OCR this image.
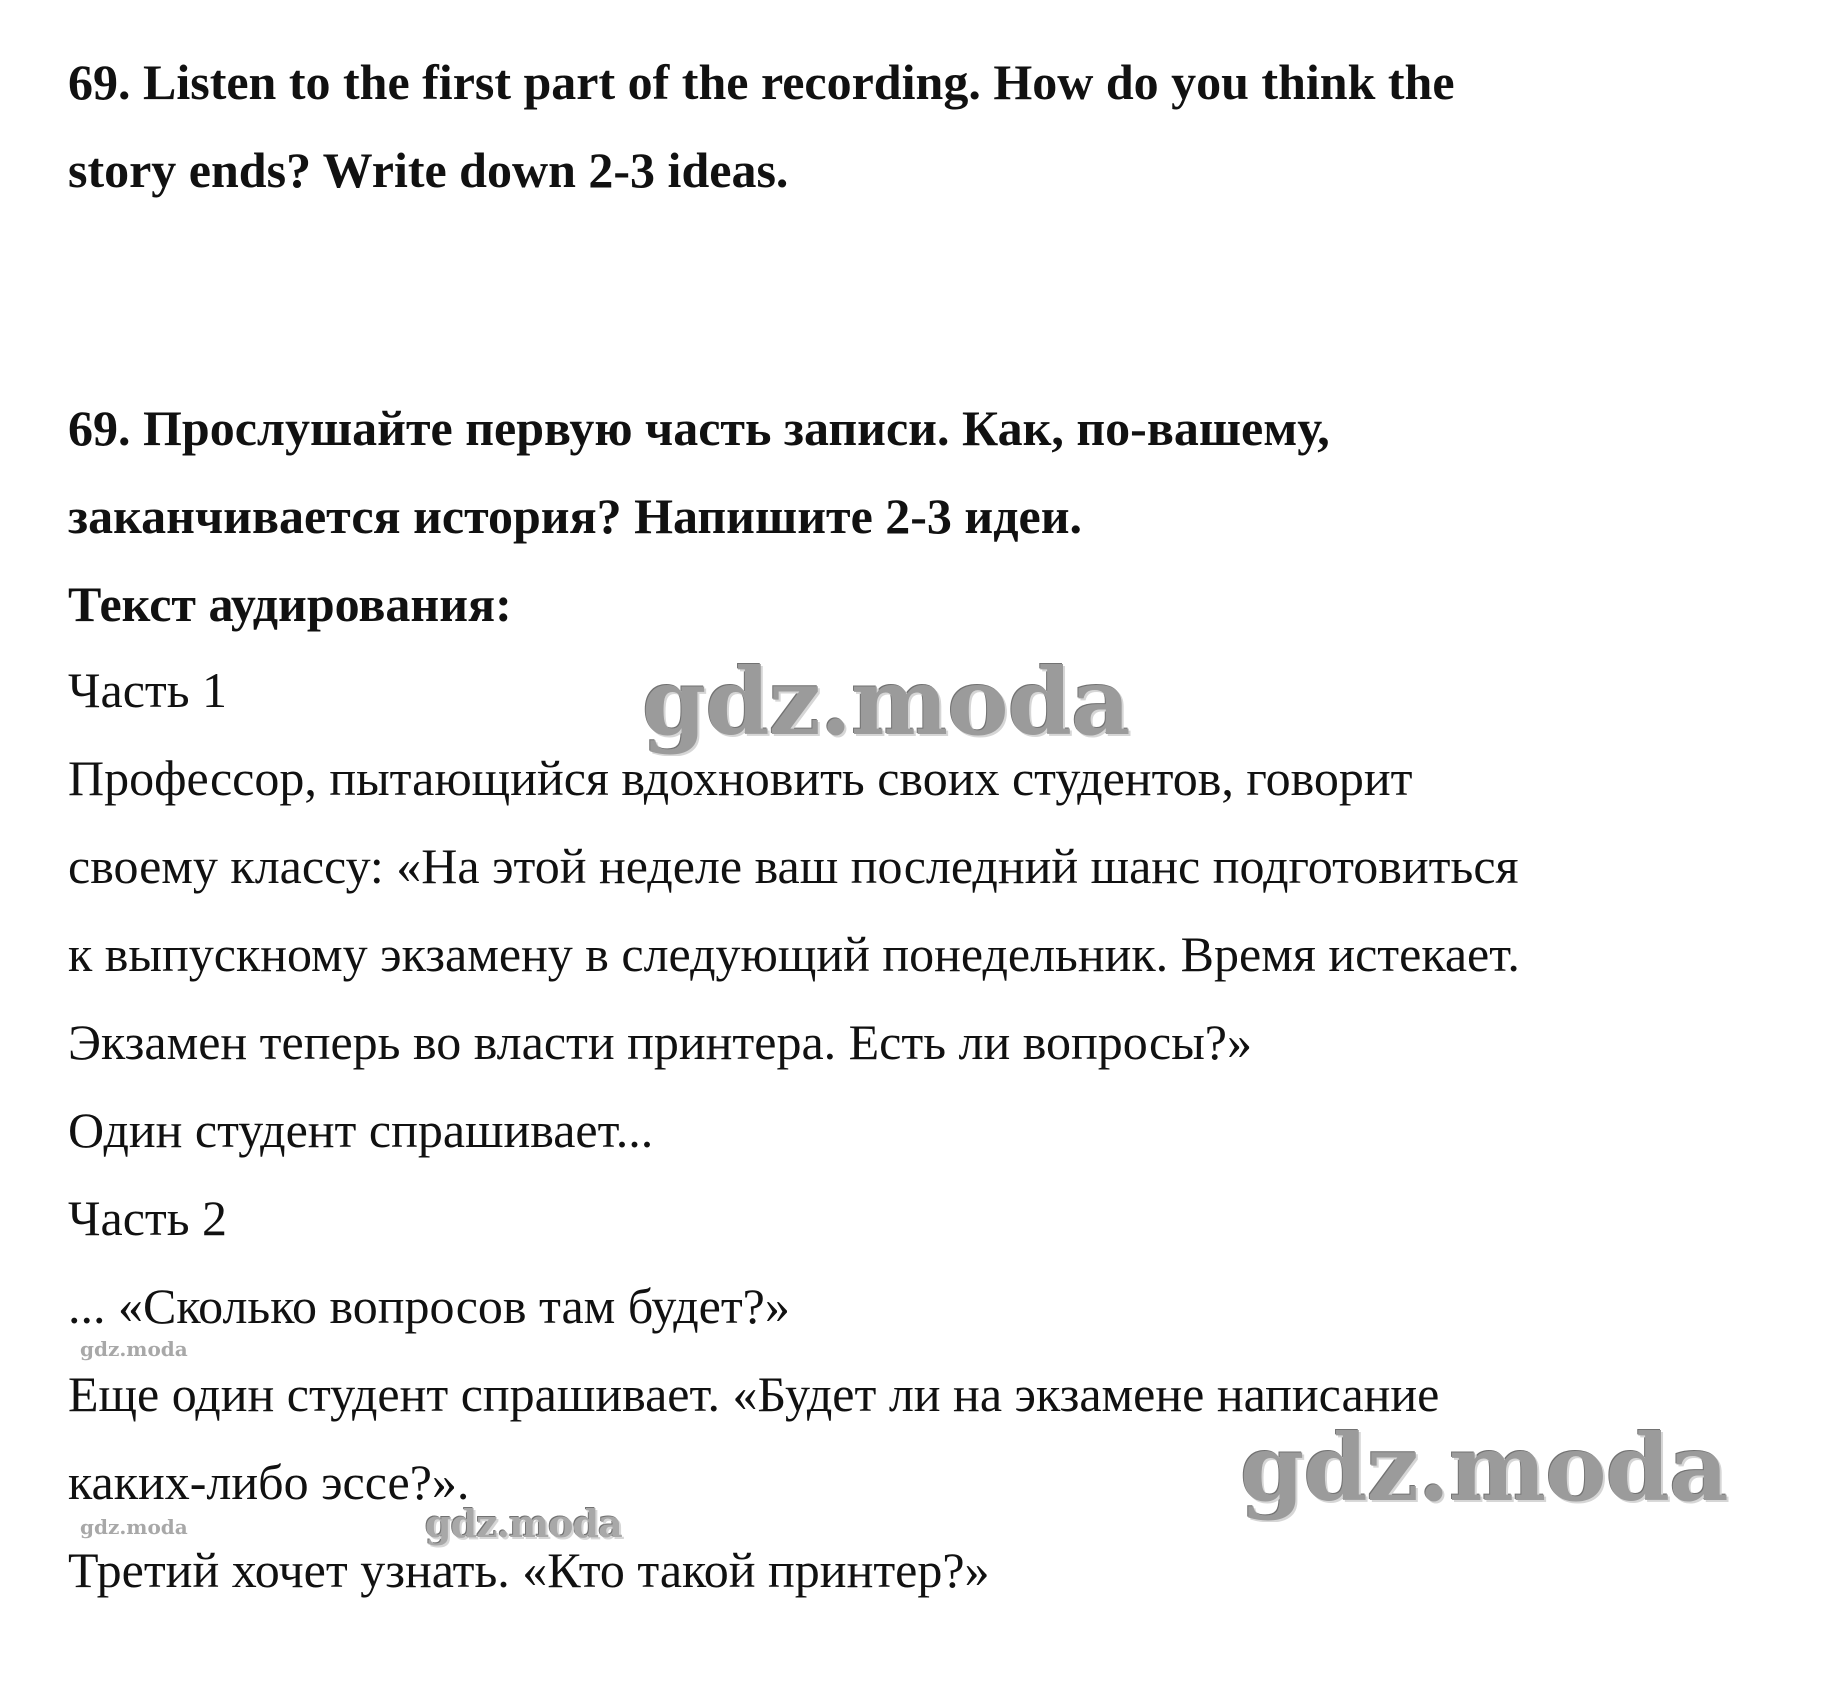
69. Listen to the first part of the recording. How do you think the
story ends? Write down 2-3 ideas.
69. Прослушайте первую часть записи. Как, по-вашему,
заканчивается история? Напишите 2-3 идеи.
Текст аудирования:
Часть 1
Профессор, пытающийся вдохновить своих студентов, говорит
своему классу: «На этой неделе ваш последний шанс подготовиться
к выпускному экзамену в следующий понедельник. Время истекает.
Экзамен теперь во власти принтера. Есть ли вопросы?»
Один студент спрашивает...
Часть 2
... «Сколько вопросов там будет?»
Еще один студент спрашивает. «Будет ли на экзамене написание
каких-либо эссе?».
Третий хочет узнать. «Кто такой принтер?»
gdz.moda
gdz.moda
gdz.moda
gdz.moda
gdz.moda
